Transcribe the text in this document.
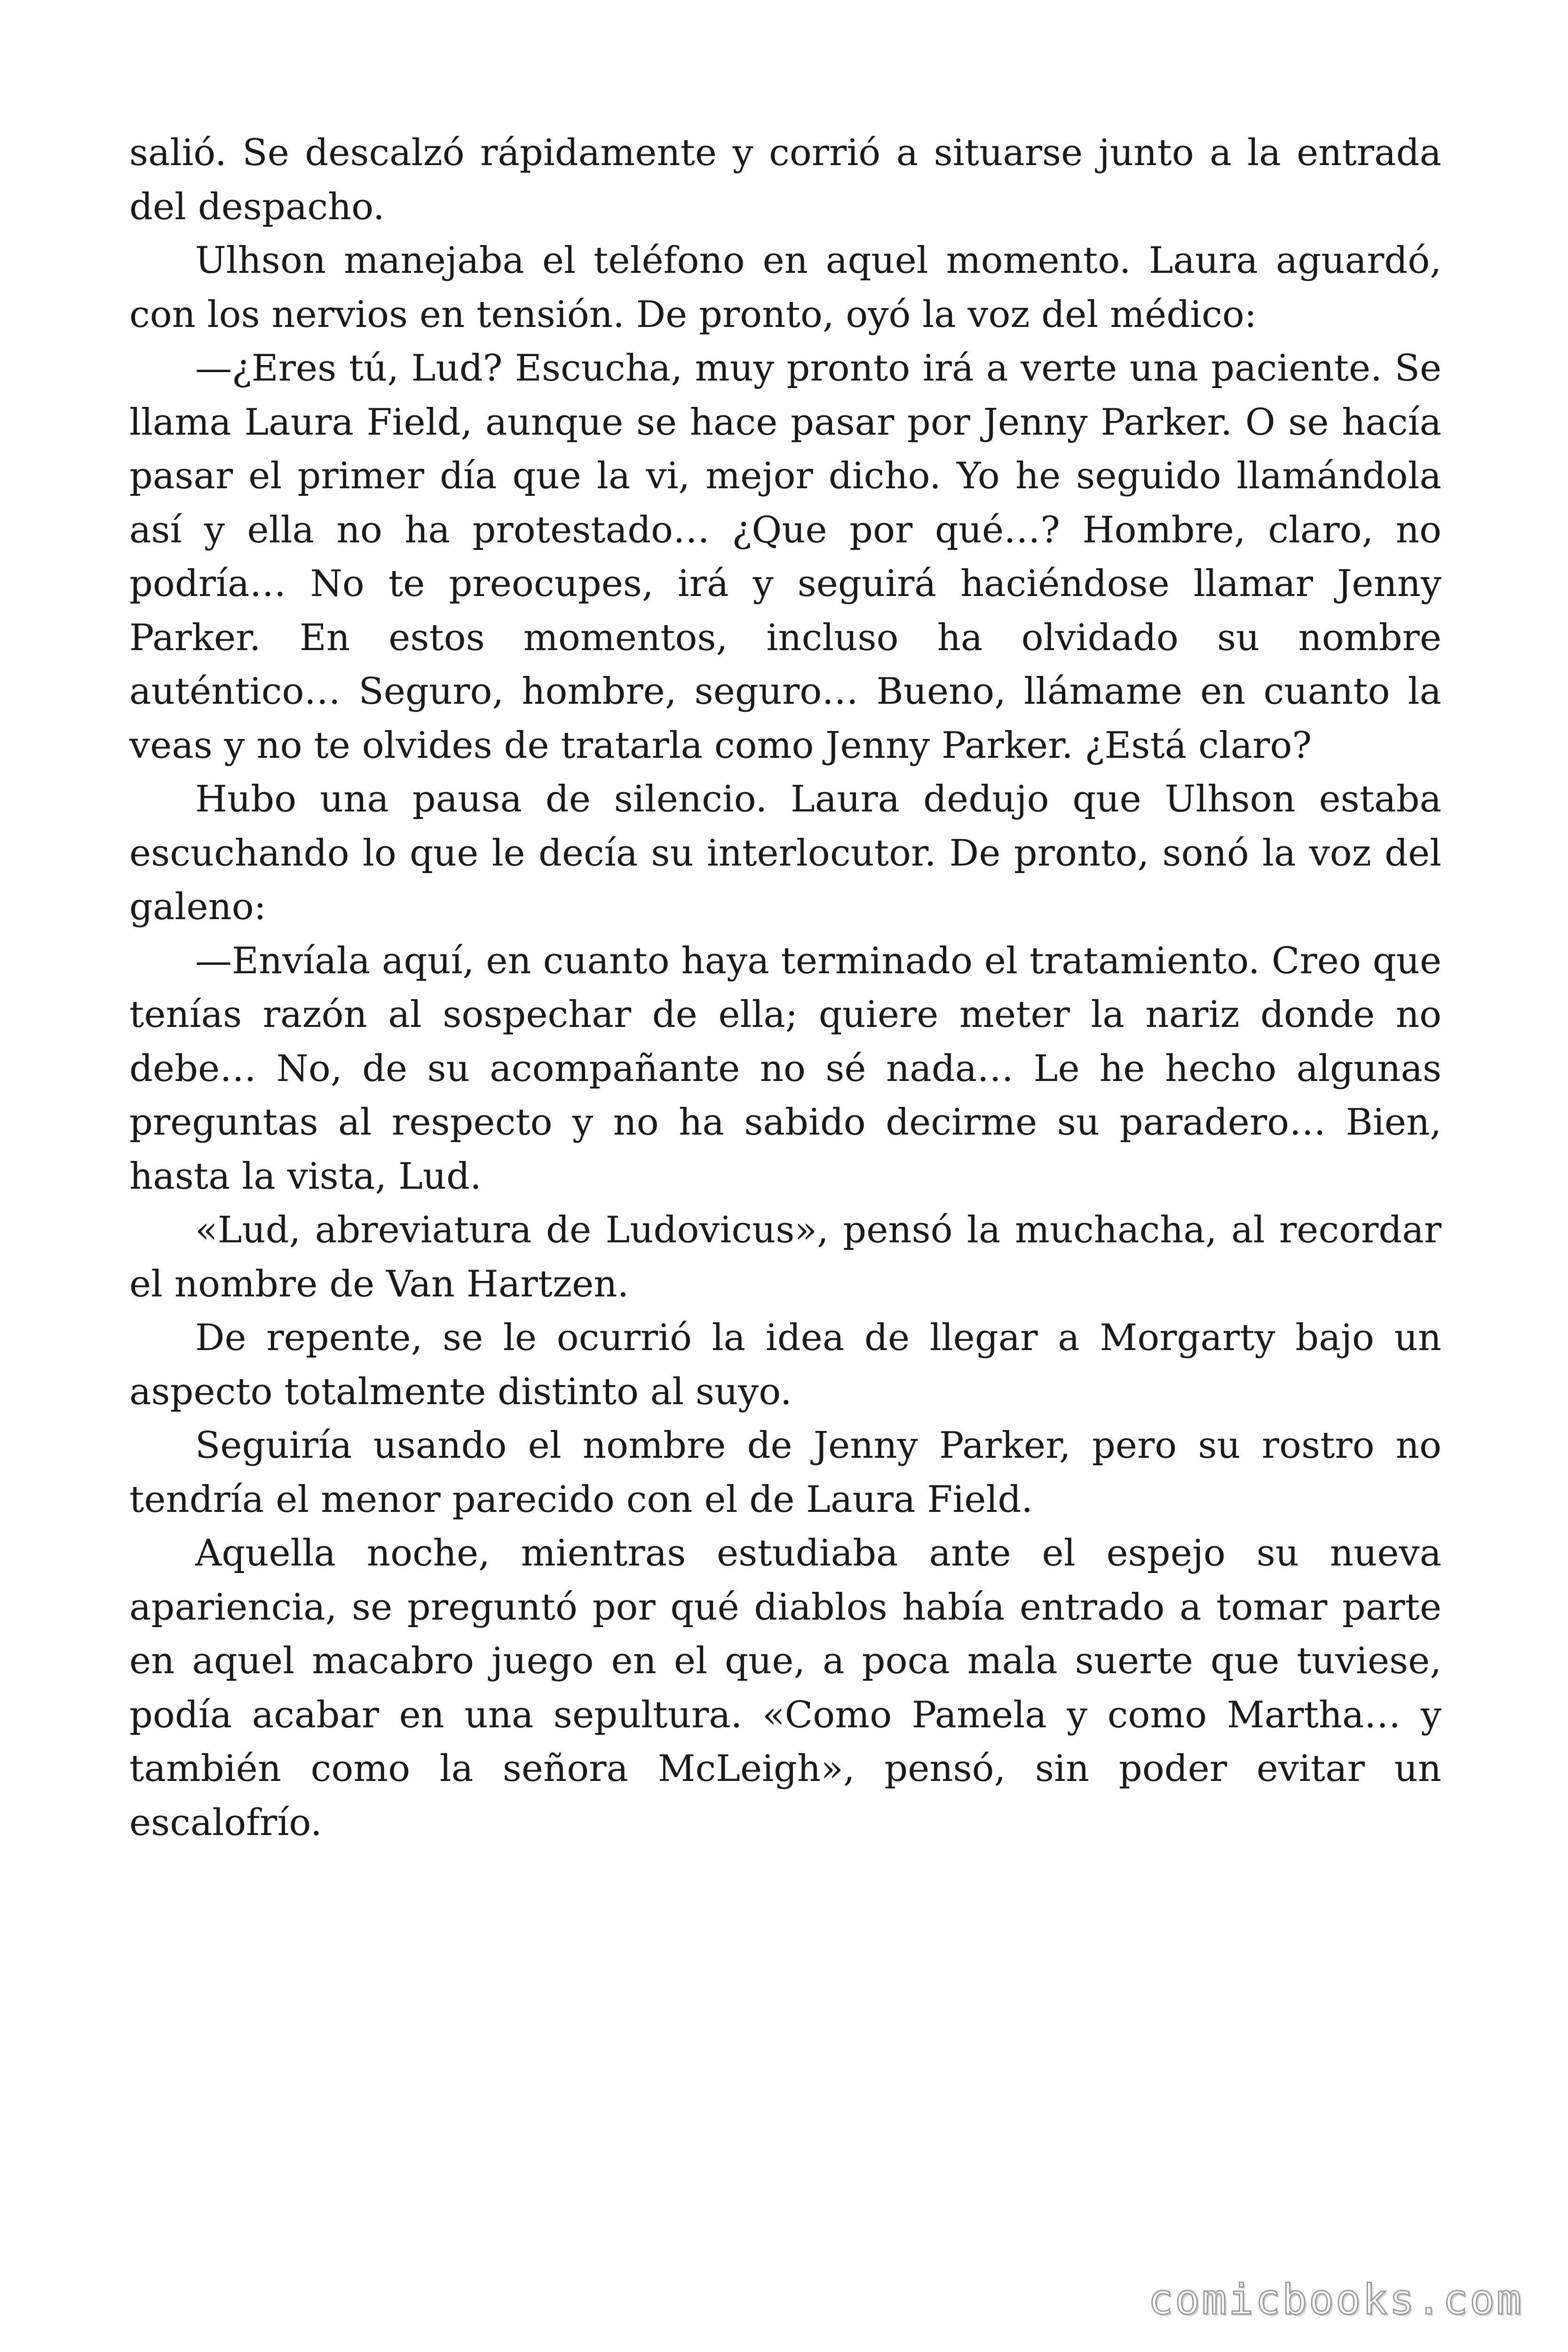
salió. Se descalzó rápidamente y corrió a situarse junto a la entrada del despacho.

Ulhson manejaba el teléfono en aquel momento. Laura aguardó, con los nervios en tensión. De pronto, oyó la voz del médico:

—¿Eres tú, Lud? Escucha, muy pronto irá a verte una paciente. Se llama Laura Field, aunque se hace pasar por Jenny Parker. O se hacía pasar el primer día que la vi, mejor dicho. Yo he seguido llamándola así y ella no ha protestado… ¿Que por qué…? Hombre, claro, no podría… No te preocupes, irá y seguirá haciéndose llamar Jenny Parker. En estos momentos, incluso ha olvidado su nombre auténtico… Seguro, hombre, seguro… Bueno, llámame en cuanto la veas y no te olvides de tratarla como Jenny Parker. ¿Está claro?

Hubo una pausa de silencio. Laura dedujo que Ulhson estaba escuchando lo que le decía su interlocutor. De pronto, sonó la voz del galeno:

—Envíala aquí, en cuanto haya terminado el tratamiento. Creo que tenías razón al sospechar de ella; quiere meter la nariz donde no debe… No, de su acompañante no sé nada… Le he hecho algunas preguntas al respecto y no ha sabido decirme su paradero… Bien, hasta la vista, Lud.

«Lud, abreviatura de Ludovicus», pensó la muchacha, al recordar el nombre de Van Hartzen.

De repente, se le ocurrió la idea de llegar a Morgarty bajo un aspecto totalmente distinto al suyo.

Seguiría usando el nombre de Jenny Parker, pero su rostro no tendría el menor parecido con el de Laura Field.

Aquella noche, mientras estudiaba ante el espejo su nueva apariencia, se preguntó por qué diablos había entrado a tomar parte en aquel macabro juego en el que, a poca mala suerte que tuviese, podía acabar en una sepultura. «Como Pamela y como Martha… y también como la señora McLeigh», pensó, sin poder evitar un escalofrío.

comicbooks.com
